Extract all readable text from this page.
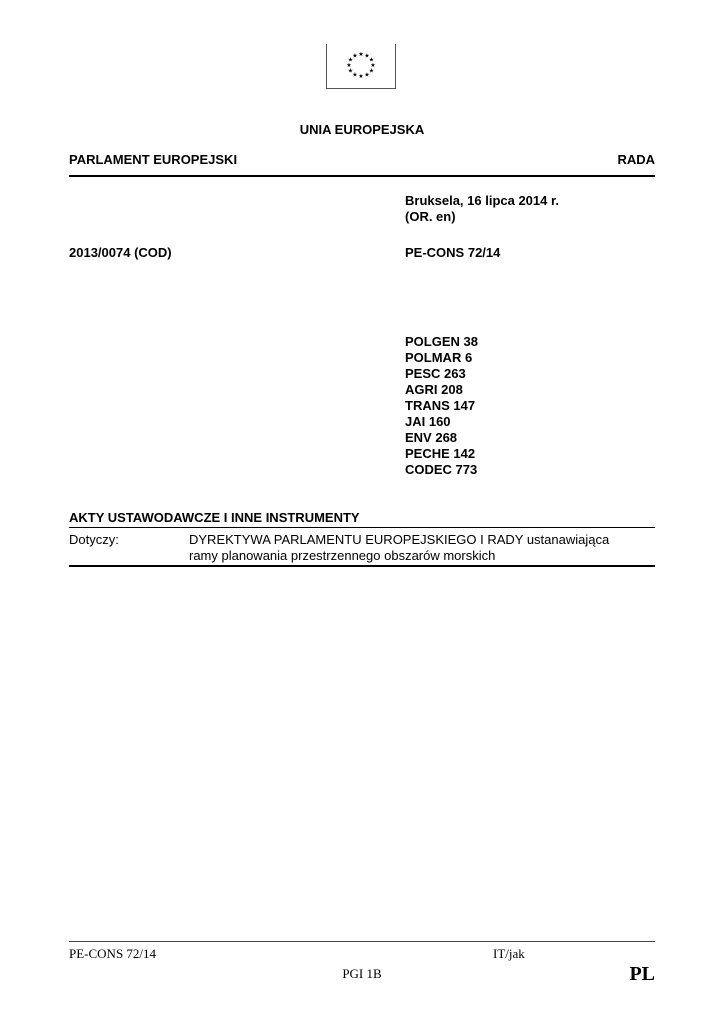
★ ★
★
★
★
★
★
★
★
★
★
★
UNIA EUROPEJSKA
PARLAMENT EUROPEJSKI	RADA
Bruksela, 16 lipca 2014 r.
(OR. en)
2013/0074 (COD)	PE-CONS 72/14
POLGEN 38
POLMAR 6
PESC 263
AGRI 208
TRANS 147
JAI 160
ENV 268
PECHE 142
CODEC 773
AKTY USTAWODAWCZE I INNE INSTRUMENTY
Dotyczy:	DYREKTYWA PARLAMENTU EUROPEJSKIEGO I RADY ustanawiająca
ramy planowania przestrzennego obszarów morskich
PE-CONS 72/14	IT/jak
PGI 1B	PL
